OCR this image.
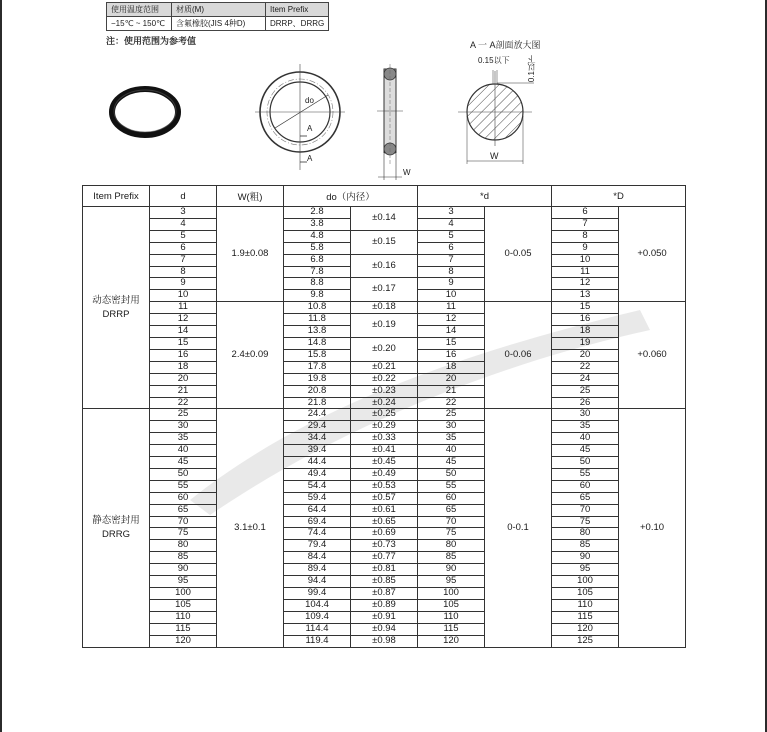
使用温度范围	材质(M)	Item Prefix
−15℃ ~ 150℃	含氟橡胶(JIS 4种D)	DRRP、DRRG
注：使用范围为参考值
do
A
A
W
A 一 A剖面放大图
0.15以下 0.1以下
W
Item Prefix	d	W(粗)	do（内径）		*d		*D	

动态密封用
DRRP	3	1.9±0.08	2.8	±0.14	3	0-0.05	6	+0.050
	4		3.8		4		7	
	5		4.8	±0.15	5		8	
	6		5.8		6		9	
	7		6.8	±0.16	7		10	
	8		7.8		8		11	
	9		8.8	±0.17	9		12	
	10		9.8		10		13	
	11	2.4±0.09	10.8	±0.18	11	0-0.06	15	+0.060
	12		11.8	±0.19	12		16	
	14		13.8		14		18	
	15		14.8	±0.20	15		19	
	16		15.8		16		20	
	18		17.8	±0.21	18		22	
	20		19.8	±0.22	20		24	
	21		20.8	±0.23	21		25	
	22		21.8	±0.24	22		26	

静态密封用
DRRG	25	3.1±0.1	24.4	±0.25	25	0-0.1	30	+0.10
	30		29.4	±0.29	30		35	
	35		34.4	±0.33	35		40	
	40		39.4	±0.41	40		45	
	45		44.4	±0.45	45		50	
	50		49.4	±0.49	50		55	
	55		54.4	±0.53	55		60	
	60		59.4	±0.57	60		65	
	65		64.4	±0.61	65		70	
	70		69.4	±0.65	70		75	
	75		74.4	±0.69	75		80	
	80		79.4	±0.73	80		85	
	85		84.4	±0.77	85		90	
	90		89.4	±0.81	90		95	
	95		94.4	±0.85	95		100	
	100		99.4	±0.87	100		105	
	105		104.4	±0.89	105		110	
	110		109.4	±0.91	110		115	
	115		114.4	±0.94	115		120	
	120		119.4	±0.98	120		125	
